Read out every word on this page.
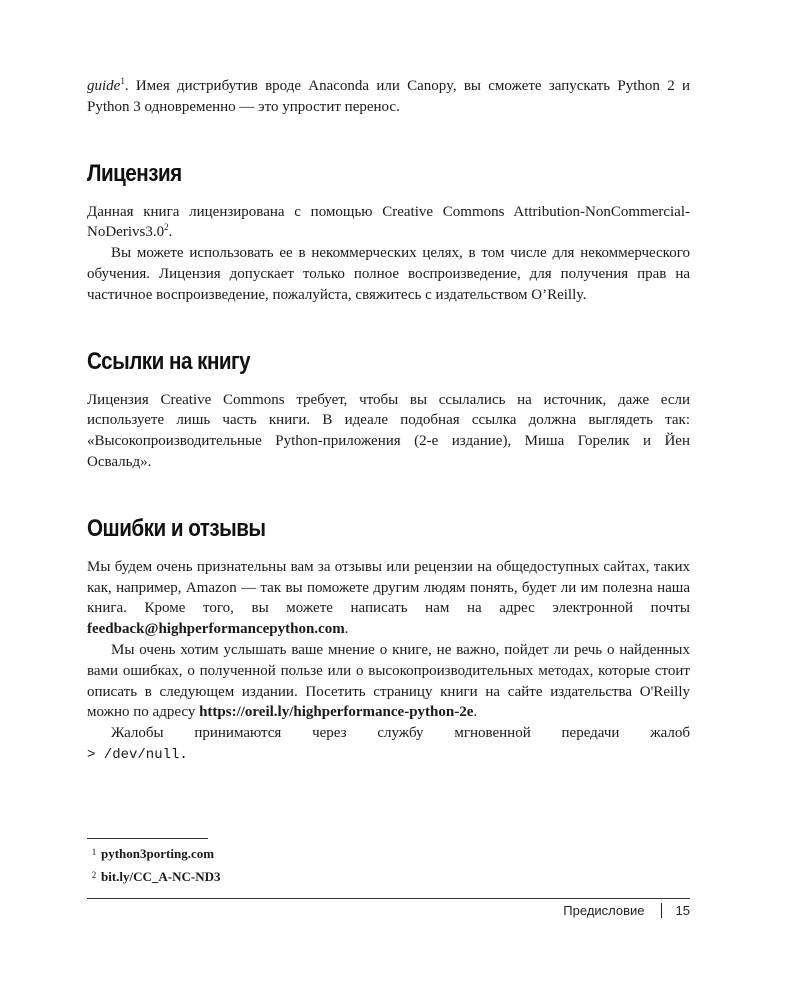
guide$^1$. Имея дистрибутив вроде Anaconda или Canopy, вы сможете запускать Python 2 и Python 3 одновременно — это упростит перенос.

Лицензия

Данная книга лицензирована с помощью Creative Commons Attribution-$NonCommercial-NoDerivs3.0^2$.

Вы можете использовать ее в некоммерческих целях, в том числе для некоммерческого обучения. Лицензия допускает только полное воспроизведение, для получения прав на частичное воспроизведение, пожалуйста, свяжитесь с издательством O’Reilly.

Ссылки на книгу

Лицензия Creative Commons требует, чтобы вы ссылались на источник, даже если используете лишь часть книги. В идеале подобная ссылка должна выглядеть так: «Высокопроизводительные Python-приложения (2-е издание), Миша Горелик и Йен Освальд».

Ошибки и отзывы

Мы будем очень признательны вам за отзывы или рецензии на общедоступных сайтах, таких как, например, Amazon — так вы поможете другим людям понять, будет ли им полезна наша книга. Кроме того, вы можете написать нам на адрес электронной почты feedback@highperformancepython.com.

Мы очень хотим услышать ваше мнение о книге, не важно, пойдет ли речь о найденных вами ошибках, о полученной пользе или о высокопроизводительных методах, которые стоит описать в следующем издании. Посетить страницу книги на сайте издательства O'Reilly можно по адресу https://oreil.ly/highperformance-python-2e.

Жалобы принимаются через службу мгновенной передачи жалоб

> /dev/null.

1 python3porting.com
2 bit.ly/CC_A-NC-ND3
Предисловие 15
